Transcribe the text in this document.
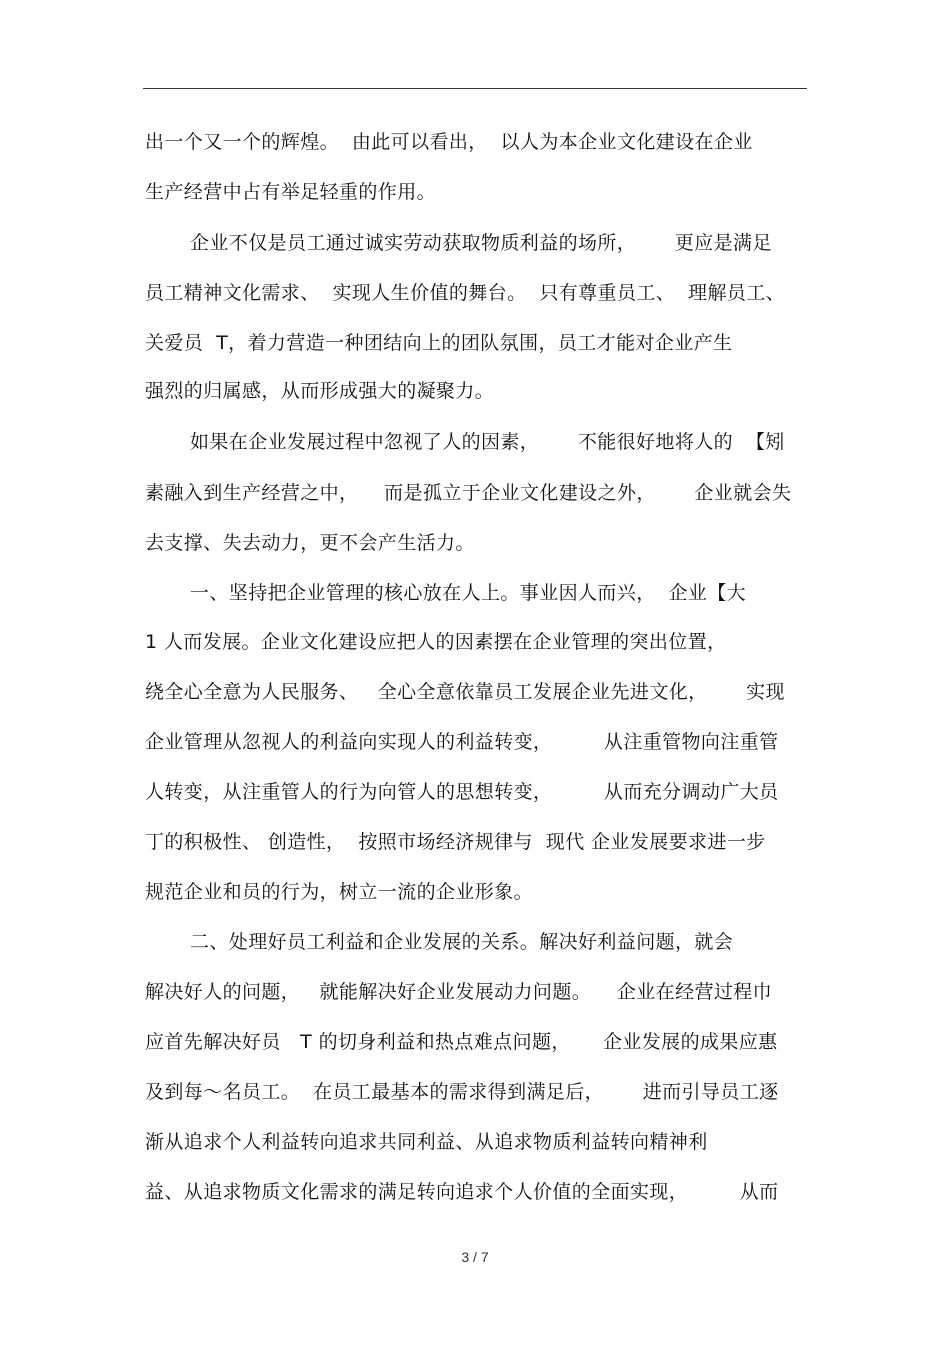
出一个又一个的辉煌。  由此可以看出，  以人为本企业文化建设在企业
生产经营中占有举足轻重的作用。
企业不仅是员工通过诚实劳动获取物质利益的场所，      更应是满足
员工精神文化需求、  实现人生价值的舞台。  只有尊重员工、  理解员工、
关爱员  T，着力营造一种团结向上的团队氛围，员工才能对企业产生
强烈的归属感，从而形成强大的凝聚力。
如果在企业发展过程中忽视了人的因素，      不能很好地将人的  【矧
素融入到生产经营之中，    而是孤立于企业文化建设之外，      企业就会失
去支撑、失去动力，更不会产生活力。
一、坚持把企业管理的核心放在人上。事业因人而兴，  企业【大
1 人而发展。企业文化建设应把人的因素摆在企业管理的突出位置，
绕全心全意为人民服务、   全心全意依靠员工发展企业先进文化，      实现
企业管理从忽视人的利益向实现人的利益转变，        从注重管物向注重管
人转变，从注重管人的行为向管人的思想转变，        从而充分调动广大员
丁的积极性、 创造性，  按照市场经济规律与  现代 企业发展要求进一步
规范企业和员的行为，树立一流的企业形象。
二、处理好员工利益和企业发展的关系。解决好利益问题，就会
解决好人的问题，   就能解决好企业发展动力问题。    企业在经营过程巾
应首先解决好员   T 的切身利益和热点难点问题，     企业发展的成果应惠
及到每～名员工。  在员工最基本的需求得到满足后，      进而引导员工逐
渐从追求个人利益转向追求共同利益、从追求物质利益转向精神利
益、从追求物质文化需求的满足转向追求个人价值的全面实现，        从而
3 / 7
